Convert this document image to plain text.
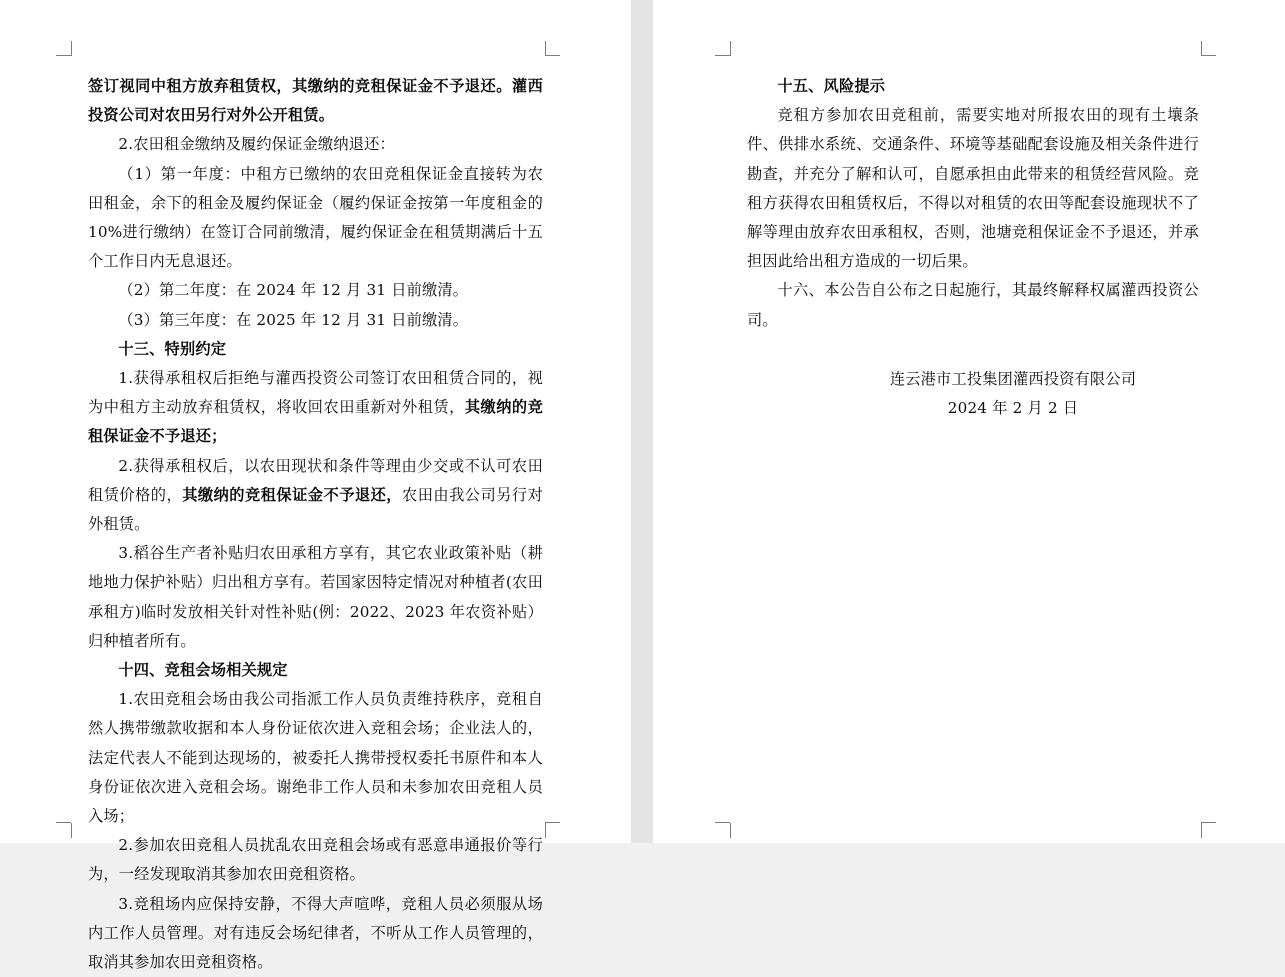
签订视同中租方放弃租赁权，其缴纳的竞租保证金不予退还。灌西投资公司对农田另行对外公开租赁。

2.农田租金缴纳及履约保证金缴纳退还：

（1）第一年度：中租方已缴纳的农田竞租保证金直接转为农田租金，余下的租金及履约保证金（履约保证金按第一年度租金的10%进行缴纳）在签订合同前缴清，履约保证金在租赁期满后十五个工作日内无息退还。

（2）第二年度：在 2024 年 12 月 31 日前缴清。

（3）第三年度：在 2025 年 12 月 31 日前缴清。

十三、特别约定

1.获得承租权后拒绝与灌西投资公司签订农田租赁合同的，视为中租方主动放弃租赁权，将收回农田重新对外租赁，其缴纳的竞租保证金不予退还；

2.获得承租权后，以农田现状和条件等理由少交或不认可农田租赁价格的，其缴纳的竞租保证金不予退还，农田由我公司另行对外租赁。

3.稻谷生产者补贴归农田承租方享有，其它农业政策补贴（耕地地力保护补贴）归出租方享有。若国家因特定情况对种植者(农田承租方)临时发放相关针对性补贴(例：2022、2023 年农资补贴）归种植者所有。

十四、竞租会场相关规定

1.农田竞租会场由我公司指派工作人员负责维持秩序，竞租自然人携带缴款收据和本人身份证依次进入竞租会场；企业法人的，法定代表人不能到达现场的，被委托人携带授权委托书原件和本人身份证依次进入竞租会场。谢绝非工作人员和未参加农田竞租人员入场；

2.参加农田竞租人员扰乱农田竞租会场或有恶意串通报价等行为，一经发现取消其参加农田竞租资格。

3.竞租场内应保持安静，不得大声喧哗，竞租人员必须服从场内工作人员管理。对有违反会场纪律者，不听从工作人员管理的，取消其参加农田竞租资格。

十五、风险提示

竞租方参加农田竞租前，需要实地对所报农田的现有土壤条件、供排水系统、交通条件、环境等基础配套设施及相关条件进行勘查，并充分了解和认可，自愿承担由此带来的租赁经营风险。竞租方获得农田租赁权后，不得以对租赁的农田等配套设施现状不了解等理由放弃农田承租权，否则，池塘竞租保证金不予退还，并承担因此给出租方造成的一切后果。

十六、本公告自公布之日起施行，其最终解释权属灌西投资公司。

连云港市工投集团灌西投资有限公司
2024 年 2 月 2 日
